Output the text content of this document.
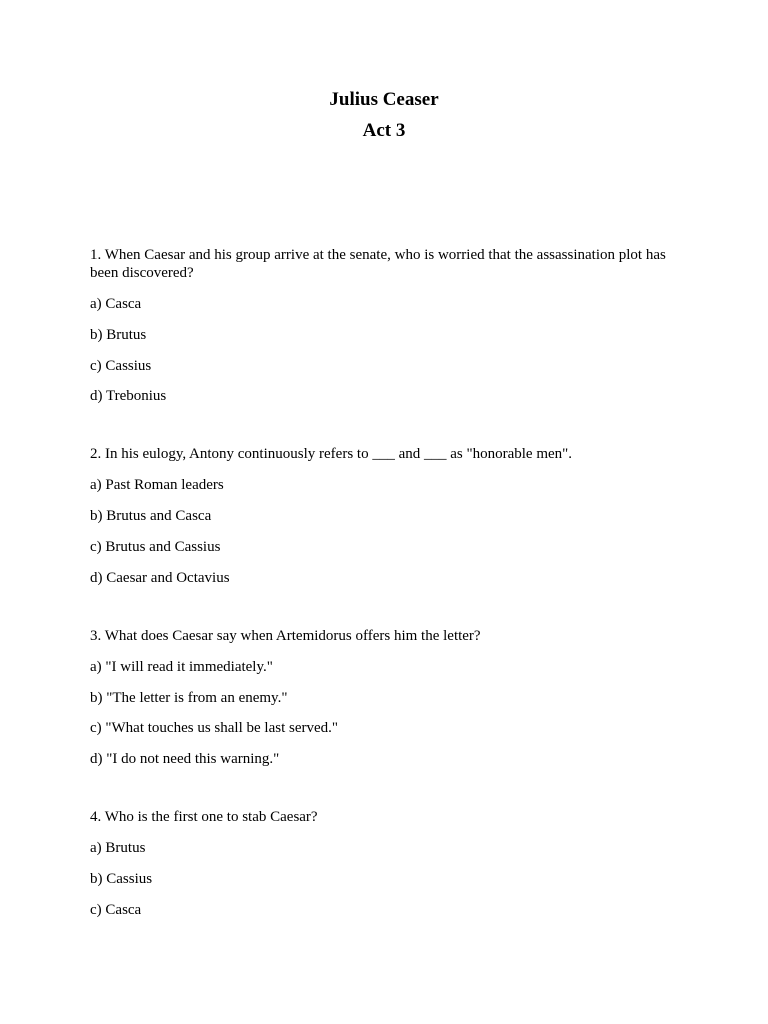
Julius Ceaser
Act 3

1. When Caesar and his group arrive at the senate, who is worried that the assassination plot has been discovered?

a) Casca

b) Brutus

c) Cassius

d) Trebonius

2. In his eulogy, Antony continuously refers to ___ and ___ as "honorable men".

a) Past Roman leaders

b) Brutus and Casca

c) Brutus and Cassius

d) Caesar and Octavius

3. What does Caesar say when Artemidorus offers him the letter?

a) "I will read it immediately."

b) "The letter is from an enemy."

c) "What touches us shall be last served."

d) "I do not need this warning."

4. Who is the first one to stab Caesar?

a) Brutus

b) Cassius

c) Casca
